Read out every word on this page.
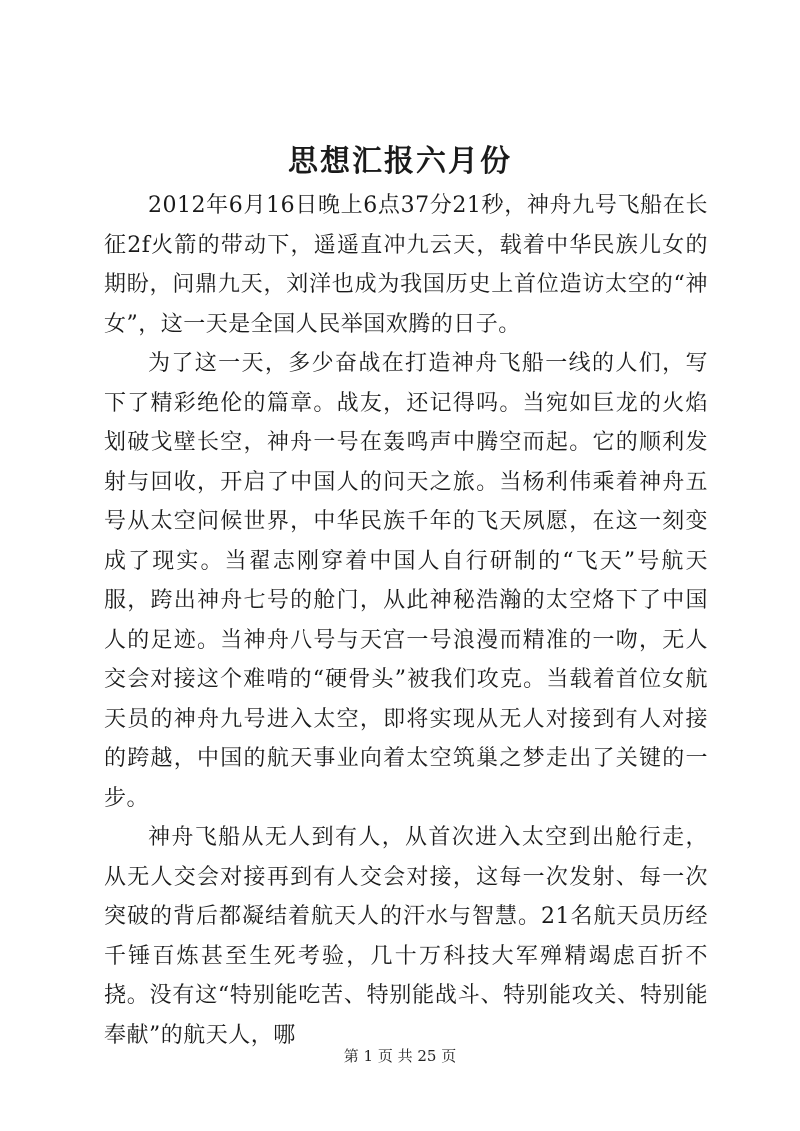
思想汇报六月份

2012年6月16日晚上6点37分21秒，神舟九号飞船在长征2f火箭的带动下，遥遥直冲九云天，载着中华民族儿女的期盼，问鼎九天，刘洋也成为我国历史上首位造访太空的“神女”，这一天是全国人民举国欢腾的日子。

为了这一天，多少奋战在打造神舟飞船一线的人们，写下了精彩绝伦的篇章。战友，还记得吗。当宛如巨龙的火焰划破戈壁长空，神舟一号在轰鸣声中腾空而起。它的顺利发射与回收，开启了中国人的问天之旅。当杨利伟乘着神舟五号从太空问候世界，中华民族千年的飞天夙愿，在这一刻变成了现实。当翟志刚穿着中国人自行研制的“飞天”号航天服，跨出神舟七号的舱门，从此神秘浩瀚的太空烙下了中国人的足迹。当神舟八号与天宫一号浪漫而精准的一吻，无人交会对接这个难啃的“硬骨头”被我们攻克。当载着首位女航天员的神舟九号进入太空，即将实现从无人对接到有人对接的跨越，中国的航天事业向着太空筑巢之梦走出了关键的一步。

神舟飞船从无人到有人，从首次进入太空到出舱行走，从无人交会对接再到有人交会对接，这每一次发射、每一次突破的背后都凝结着航天人的汗水与智慧。21名航天员历经千锤百炼甚至生死考验，几十万科技大军殚精竭虑百折不挠。没有这“特别能吃苦、特别能战斗、特别能攻关、特别能奉献”的航天人，哪

第 1 页 共 25 页
